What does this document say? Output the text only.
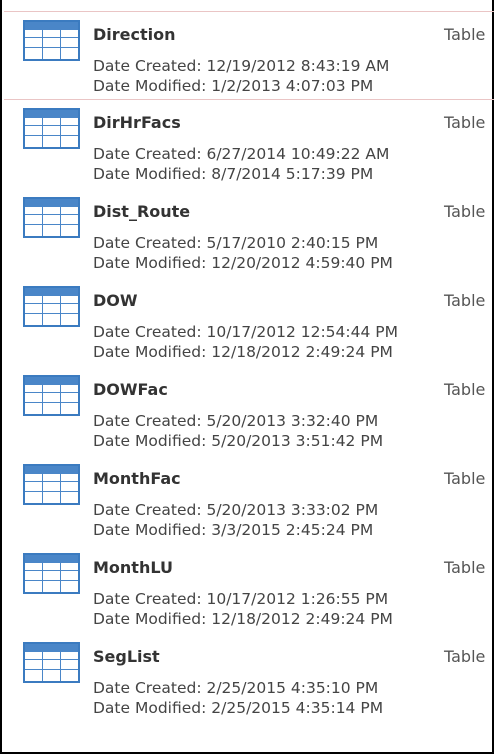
Direction	Table
Date Created: 12/19/2012 8:43:19 AM
Date Modified: 1/2/2013 4:07:03 PM
DirHrFacs	Table
Date Created: 6/27/2014 10:49:22 AM
Date Modified: 8/7/2014 5:17:39 PM
Dist_Route	Table
Date Created: 5/17/2010 2:40:15 PM
Date Modified: 12/20/2012 4:59:40 PM
DOW	Table
Date Created: 10/17/2012 12:54:44 PM
Date Modified: 12/18/2012 2:49:24 PM
DOWFac	Table
Date Created: 5/20/2013 3:32:40 PM
Date Modified: 5/20/2013 3:51:42 PM
MonthFac	Table
Date Created: 5/20/2013 3:33:02 PM
Date Modified: 3/3/2015 2:45:24 PM
MonthLU	Table
Date Created: 10/17/2012 1:26:55 PM
Date Modified: 12/18/2012 2:49:24 PM
SegList	Table
Date Created: 2/25/2015 4:35:10 PM
Date Modified: 2/25/2015 4:35:14 PM
